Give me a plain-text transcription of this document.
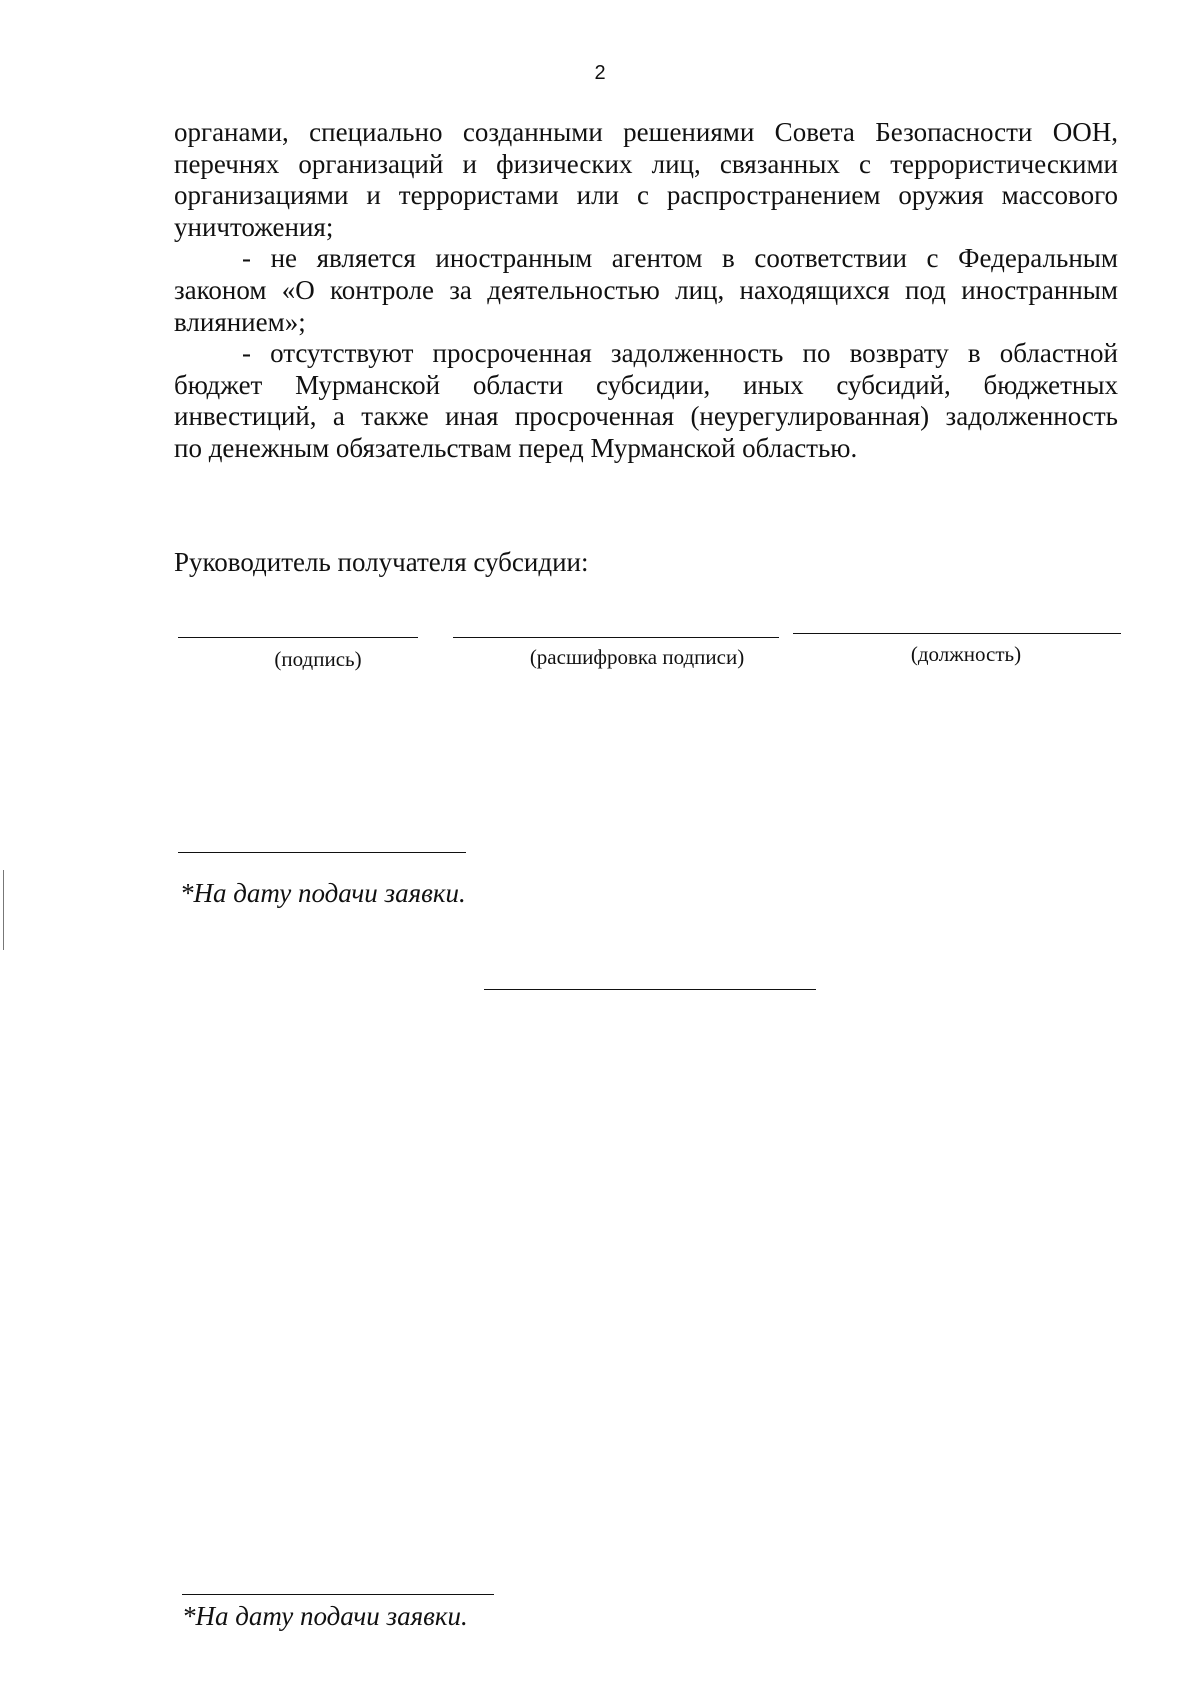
2
органами, специально созданными решениями Совета Безопасности ООН,
перечнях организаций и физических лиц, связанных с террористическими
организациями и террористами или с распространением оружия массового
уничтожения;
- не является иностранным агентом в соответствии с Федеральным
законом «О контроле за деятельностью лиц, находящихся под иностранным
влиянием»;
- отсутствуют просроченная задолженность по возврату в областной
бюджет Мурманской области субсидии, иных субсидий, бюджетных
инвестиций, а также иная просроченная (неурегулированная) задолженность
по денежным обязательствам перед Мурманской областью.
Руководитель получателя субсидии:
(подпись)	(расшифровка подписи)	(должность)
*На дату подачи заявки.
*На дату подачи заявки.
